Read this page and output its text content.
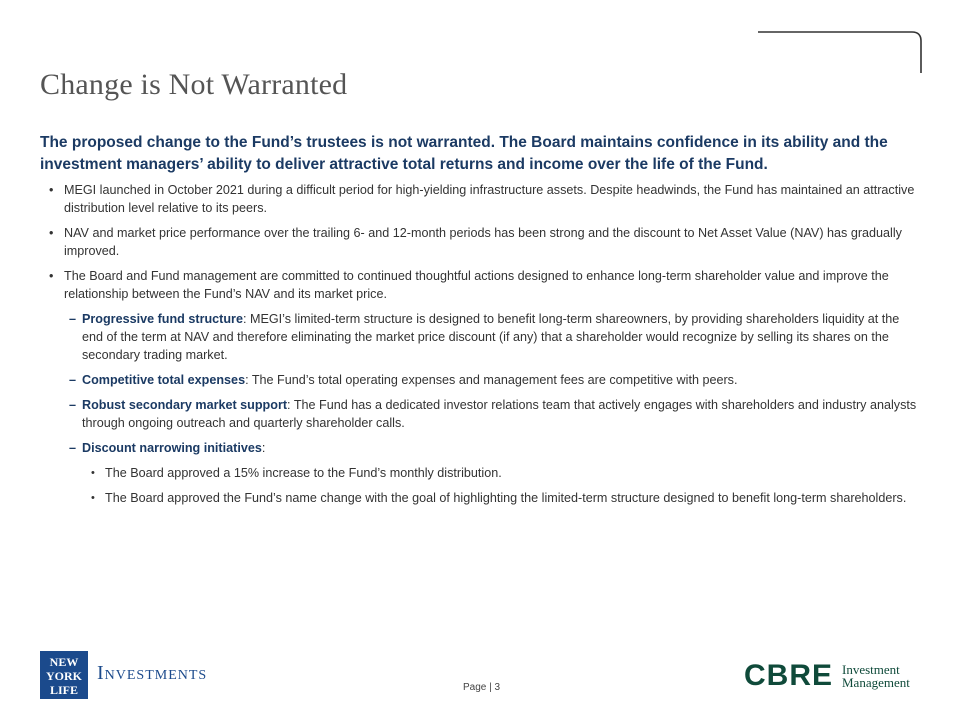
Change is Not Warranted

The proposed change to the Fund’s trustees is not warranted. The Board maintains confidence in its ability and the investment managers’ ability to deliver attractive total returns and income over the life of the Fund.

• MEGI launched in October 2021 during a difficult period for high-yielding infrastructure assets. Despite headwinds, the Fund has maintained an attractive distribution level relative to its peers.

• NAV and market price performance over the trailing 6- and 12-month periods has been strong and the discount to Net Asset Value (NAV) has gradually improved.

• The Board and Fund management are committed to continued thoughtful actions designed to enhance long-term shareholder value and improve the relationship between the Fund’s NAV and its market price.

– Progressive fund structure: MEGI’s limited-term structure is designed to benefit long-term shareowners, by providing shareholders liquidity at the end of the term at NAV and therefore eliminating the market price discount (if any) that a shareholder would recognize by selling its shares on the secondary trading market.

– Competitive total expenses: The Fund’s total operating expenses and management fees are competitive with peers.

– Robust secondary market support: The Fund has a dedicated investor relations team that actively engages with shareholders and industry analysts through ongoing outreach and quarterly shareholder calls.

– Discount narrowing initiatives:

• The Board approved a 15% increase to the Fund’s monthly distribution.

• The Board approved the Fund’s name change with the goal of highlighting the limited-term structure designed to benefit long-term shareholders.

NEW
YORK
LIFE

Investments

Page | 3	CBRE Investment
Management
